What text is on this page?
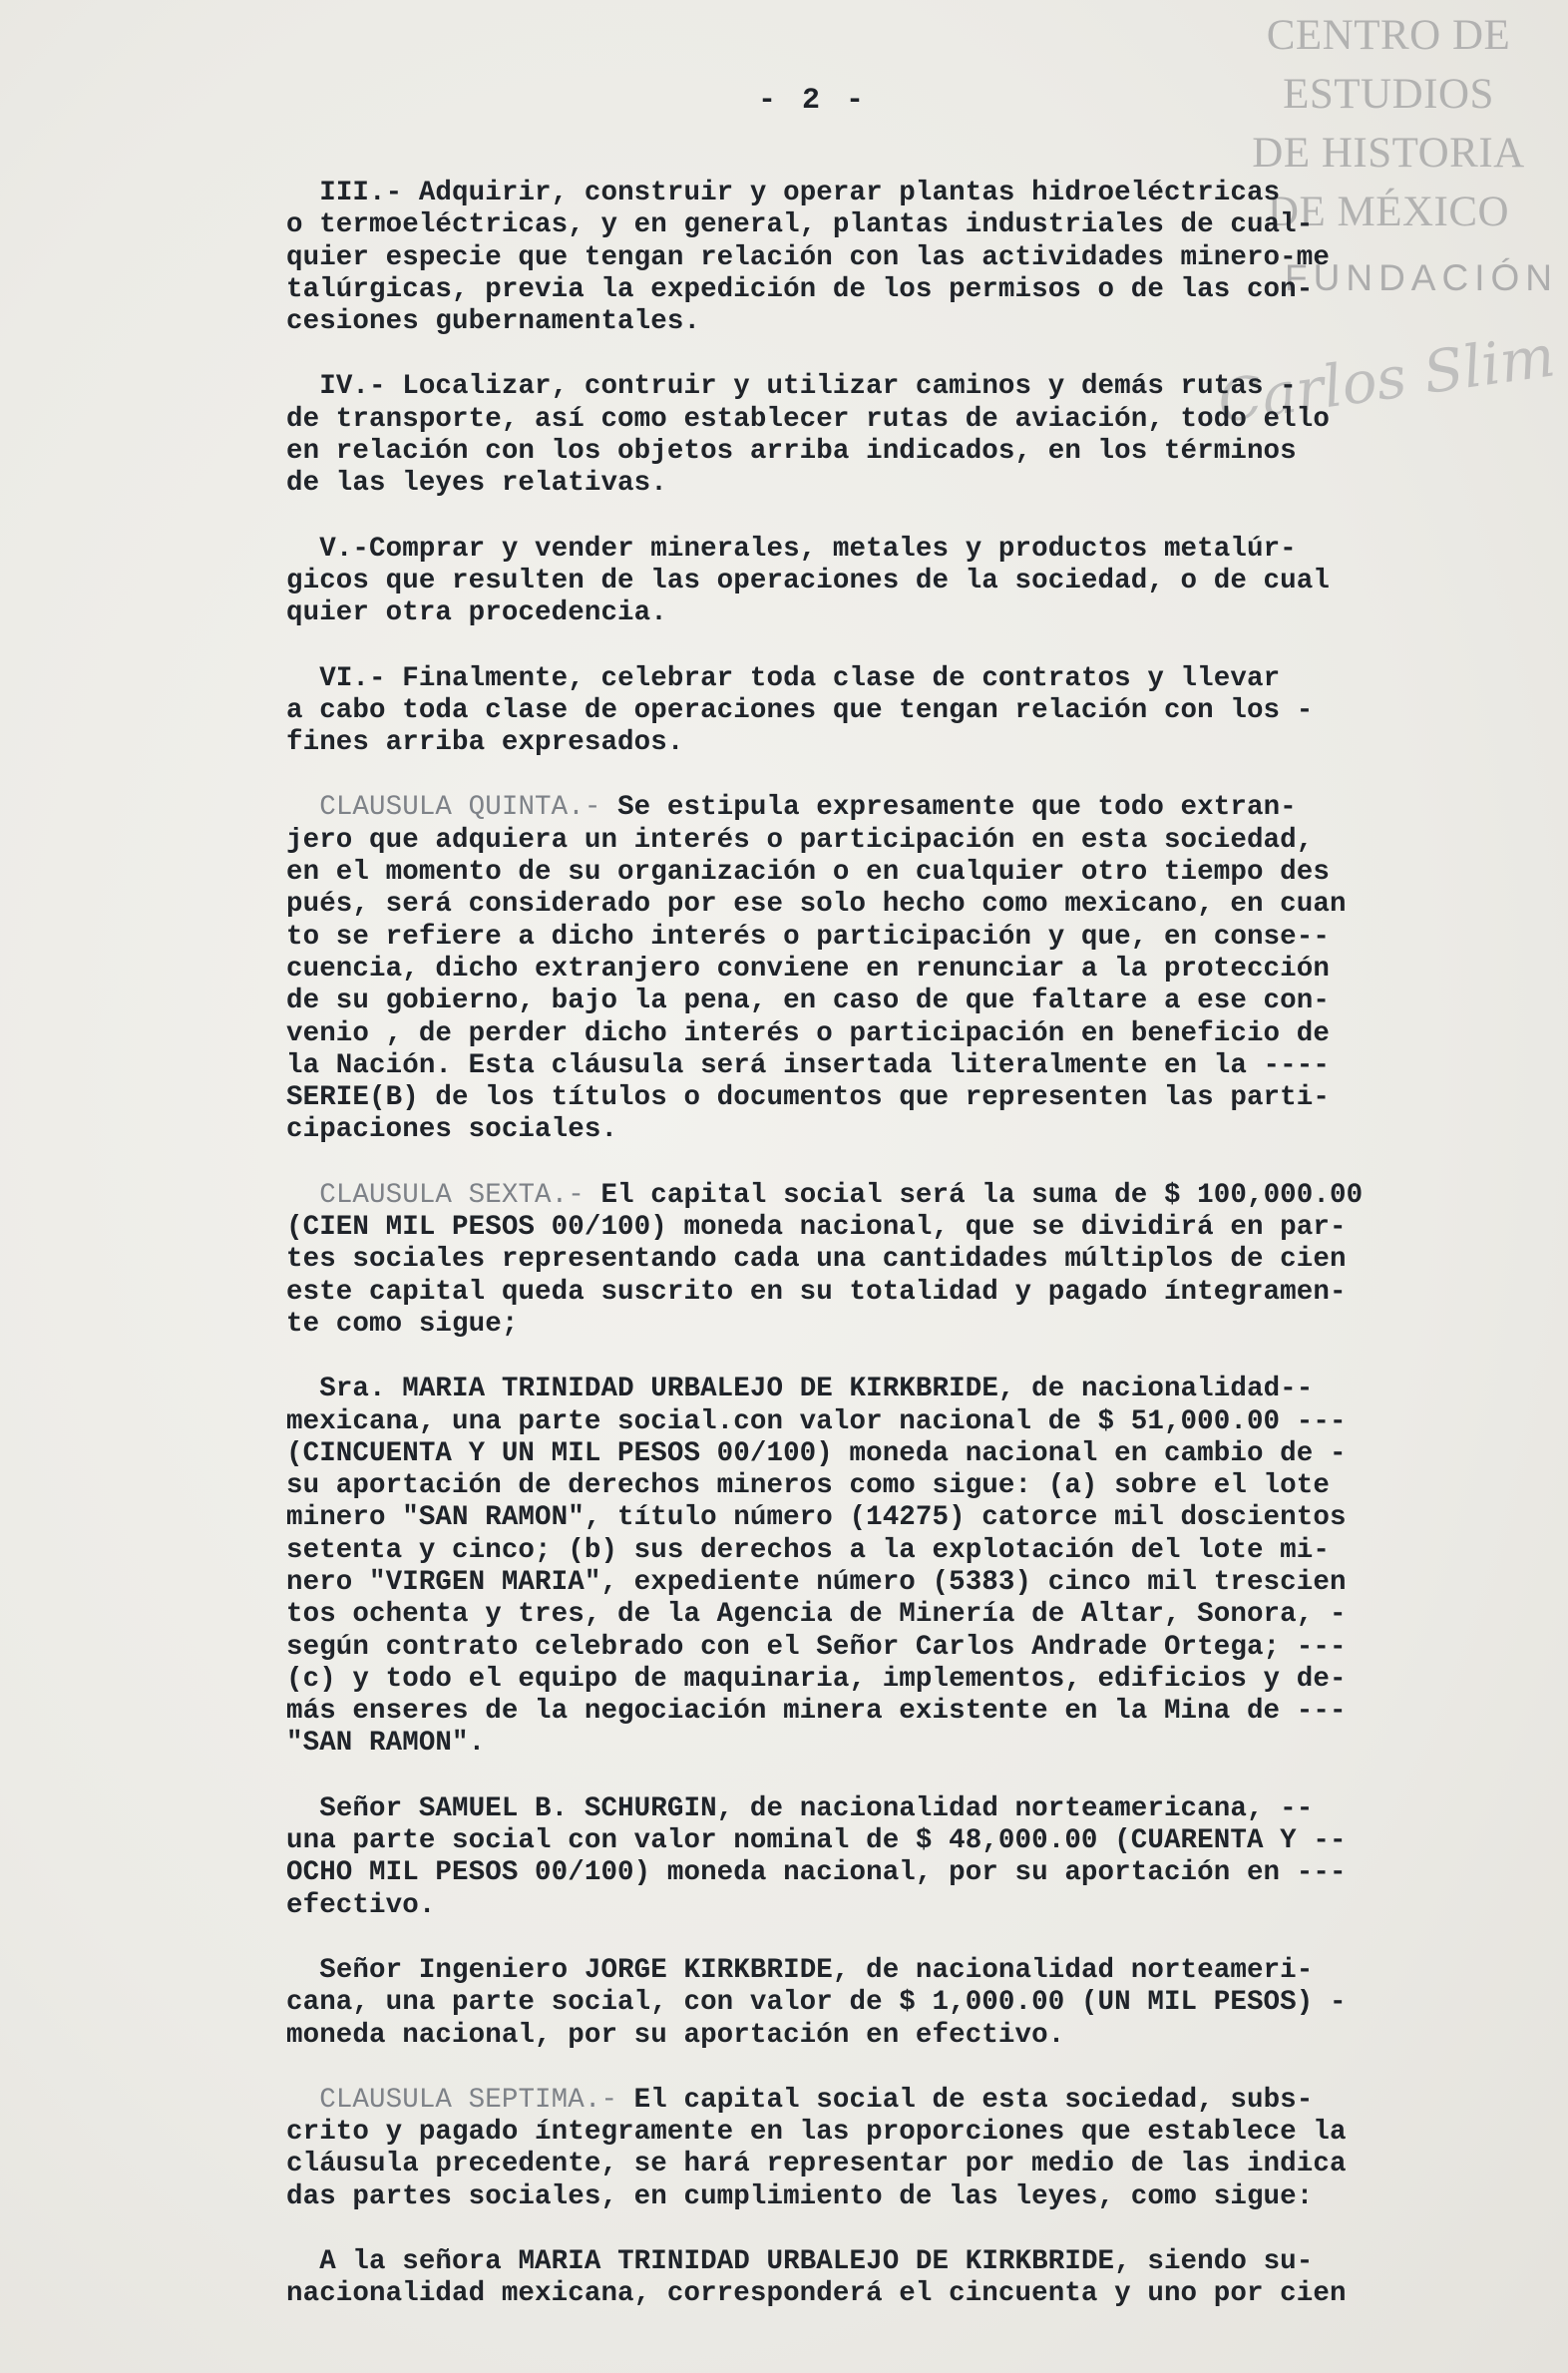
CENTRO DE
ESTUDIOS
DE HISTORIA
DE MÉXICO
FUNDACIÓN
Carlos Slim
- 2 -
III.- Adquirir, construir y operar plantas hidroeléctricas
o termoeléctricas, y en general, plantas industriales de cual-
quier especie que tengan relación con las actividades minero-me
talúrgicas, previa la expedición de los permisos o de las con-
cesiones gubernamentales.
IV.- Localizar, contruir y utilizar caminos y demás rutas -
de transporte, así como establecer rutas de aviación, todo ello
en relación con los objetos arriba indicados, en los términos
de las leyes relativas.
V.-Comprar y vender minerales, metales y productos metalúr-
gicos que resulten de las operaciones de la sociedad, o de cual
quier otra procedencia.
VI.- Finalmente, celebrar toda clase de contratos y llevar
a cabo toda clase de operaciones que tengan relación con los -
fines arriba expresados.
CLAUSULA QUINTA.- Se estipula expresamente que todo extran-
jero que adquiera un interés o participación en esta sociedad,
en el momento de su organización o en cualquier otro tiempo des
pués, será considerado por ese solo hecho como mexicano, en cuan
to se refiere a dicho interés o participación y que, en conse--
cuencia, dicho extranjero conviene en renunciar a la protección
de su gobierno, bajo la pena, en caso de que faltare a ese con-
venio , de perder dicho interés o participación en beneficio de
la Nación. Esta cláusula será insertada literalmente en la ----
SERIE(B) de los títulos o documentos que representen las parti-
cipaciones sociales.
CLAUSULA SEXTA.- El capital social será la suma de $ 100,000.00
(CIEN MIL PESOS 00/100) moneda nacional, que se dividirá en par-
tes sociales representando cada una cantidades múltiplos de cien
este capital queda suscrito en su totalidad y pagado íntegramen-
te como sigue;
Sra. MARIA TRINIDAD URBALEJO DE KIRKBRIDE, de nacionalidad--
mexicana, una parte social.con valor nacional de $ 51,000.00 ---
(CINCUENTA Y UN MIL PESOS 00/100) moneda nacional en cambio de -
su aportación de derechos mineros como sigue: (a) sobre el lote
minero "SAN RAMON", título número (14275) catorce mil doscientos
setenta y cinco; (b) sus derechos a la explotación del lote mi-
nero "VIRGEN MARIA", expediente número (5383) cinco mil trescien
tos ochenta y tres, de la Agencia de Minería de Altar, Sonora, -
según contrato celebrado con el Señor Carlos Andrade Ortega; ---
(c) y todo el equipo de maquinaria, implementos, edificios y de-
más enseres de la negociación minera existente en la Mina de ---
"SAN RAMON".
Señor SAMUEL B. SCHURGIN, de nacionalidad norteamericana, --
una parte social con valor nominal de $ 48,000.00 (CUARENTA Y --
OCHO MIL PESOS 00/100) moneda nacional, por su aportación en ---
efectivo.
Señor Ingeniero JORGE KIRKBRIDE, de nacionalidad norteameri-
cana, una parte social, con valor de $ 1,000.00 (UN MIL PESOS) -
moneda nacional, por su aportación en efectivo.
CLAUSULA SEPTIMA.- El capital social de esta sociedad, subs-
crito y pagado íntegramente en las proporciones que establece la
cláusula precedente, se hará representar por medio de las indica
das partes sociales, en cumplimiento de las leyes, como sigue:
A la señora MARIA TRINIDAD URBALEJO DE KIRKBRIDE, siendo su-
nacionalidad mexicana, corresponderá el cincuenta y uno por cien
